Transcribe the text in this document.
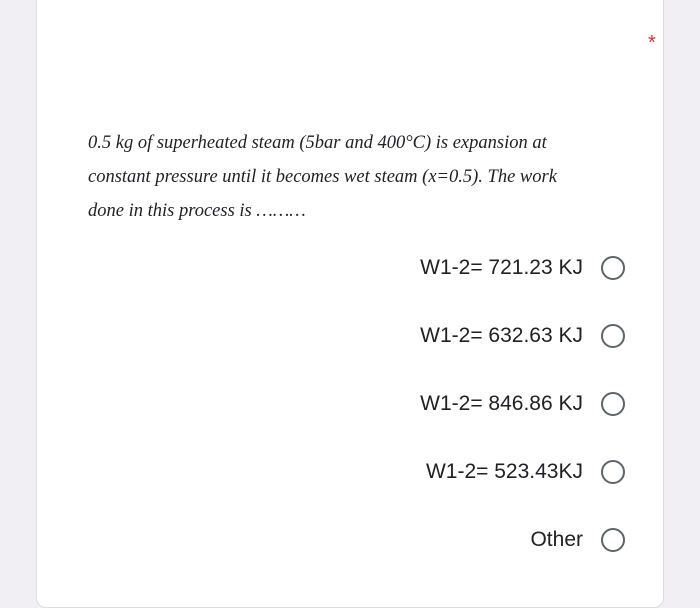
*

0.5 kg of superheated steam (5bar and 400°C) is expansion at
constant pressure until it becomes wet steam (x=0.5). The work
done in this process is ………

W1-2= 721.23 KJ
W1-2= 632.63 KJ
W1-2= 846.86 KJ
W1-2= 523.43KJ
Other
